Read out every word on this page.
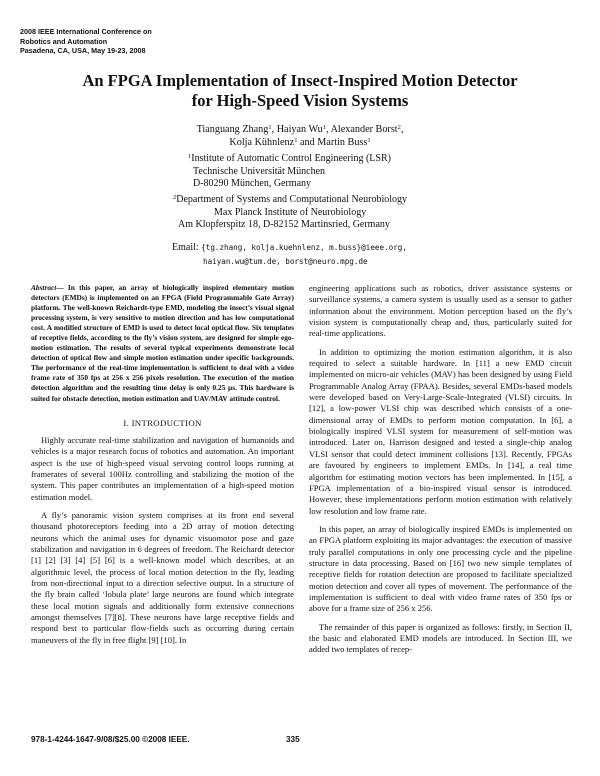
2008 IEEE International Conference on
Robotics and Automation
Pasadena, CA, USA, May 19-23, 2008
An FPGA Implementation of Insect-Inspired Motion Detector
for High-Speed Vision Systems
Tianguang Zhang$^1$, Haiyan Wu$^1$, Alexander Borst$^2$,
Kolja Kühnlenz$^1$ and Martin Buss$^1$
$^1$Institute of Automatic Control Engineering (LSR)
Technische Universität München
D-80290 München, Germany
$^2$Department of Systems and Computational Neurobiology
Max Planck Institute of Neurobiology
Am Klopferspitz 18, D-82152 Martinsried, Germany
Email: {tg.zhang, kolja.kuehnlenz, m.buss}@ieee.org,
haiyan.wu@tum.de, borst@neuro.mpg.de

Abstract— In this paper, an array of biologically inspired elementary motion detectors (EMDs) is implemented on an FPGA (Field Programmable Gate Array) platform. The well-known Reichardt-type EMD, modeling the insect’s visual signal processing system, is very sensitive to motion direction and has low computational cost. A modified structure of EMD is used to detect local optical flow. Six templates of receptive fields, according to the fly’s vision system, are designed for simple ego-motion estimation. The results of several typical experiments demonstrate local detection of optical flow and simple motion estimation under specific backgrounds. The performance of the real-time implementation is sufficient to deal with a video frame rate of 350 fps at 256 x 256 pixels resolution. The execution of the motion detection algorithm and the resulting time delay is only 0.25 µs. This hardware is suited for obstacle detection, motion estimation and UAV/MAV attitude control.

I. INTRODUCTION

Highly accurate real-time stabilization and navigation of humanoids and vehicles is a major research focus of robotics and automation. An important aspect is the use of high-speed visual servoing control loops running at framerates of several 100Hz controlling and stabilizing the motion of the system. This paper contributes an implementation of a high-speed motion estimation model.

A fly’s panoramic vision system comprises at its front end several thousand photoreceptors feeding into a 2D array of motion detecting neurons which the animal uses for dynamic visuomotor pose and gaze stabilization and navigation in 6 degrees of freedom. The Reichardt detector [1] [2] [3] [4] [5] [6] is a well-known model which describes, at an algorithmic level, the process of local motion detection in the fly, leading from non-directional input to a direction selective output. In a structure of the fly brain called ‘lobula plate’ large neurons are found which integrate these local motion signals and additionally form extensive connections amongst themselves [7][8]. These neurons have large receptive fields and respond best to particular flow-fields such as occurring during certain maneuvers of the fly in free flight [9] [10]. In

engineering applications such as robotics, driver assistance systems or surveillance systems, a camera system is usually used as a sensor to gather information about the environment. Motion perception based on the fly’s vision system is computationally cheap and, thus, particularly suited for real-time applications.

In addition to optimizing the motion estimation algorithm, it is also required to select a suitable hardware. In [11] a new EMD circuit implemented on micro-air vehicles (MAV) has been designed by using Field Programmable Analog Array (FPAA). Besides, several EMDs-based models were developed based on Very-Large-Scale-Integrated (VLSI) circuits. In [12], a low-power VLSI chip was described which consists of a one-dimensional array of EMDs to perform motion computation. In [6], a biologically inspired VLSI system for measurement of self-motion was introduced. Later on, Harrison designed and tested a single-chip analog VLSI sensor that could detect imminent collisions [13]. Recently, FPGAs are favoured by engineers to implement EMDs. In [14], a real time algorithm for estimating motion vectors has been implemented. In [15], a FPGA implementation of a bio-inspired visual sensor is introduced. However, these implementations perform motion estimation with relatively low resolution and low frame rate.

In this paper, an array of biologically inspired EMDs is implemented on an FPGA platform exploiting its major advantages: the execution of massive truly parallel computations in only one processing cycle and the pipeline structure in data processing. Based on [16] two new simple templates of receptive fields for rotation detection are proposed to facilitate specialized motion detection and cover all types of movement. The performance of the implementation is sufficient to deal with video frame rates of 350 fps or above for a frame size of 256 x 256.

The remainder of this paper is organized as follows: firstly, in Section II, the basic and elaborated EMD models are introduced. In Section III, we added two templates of recep-

978-1-4244-1647-9/08/$25.00 ©2008 IEEE.	335
